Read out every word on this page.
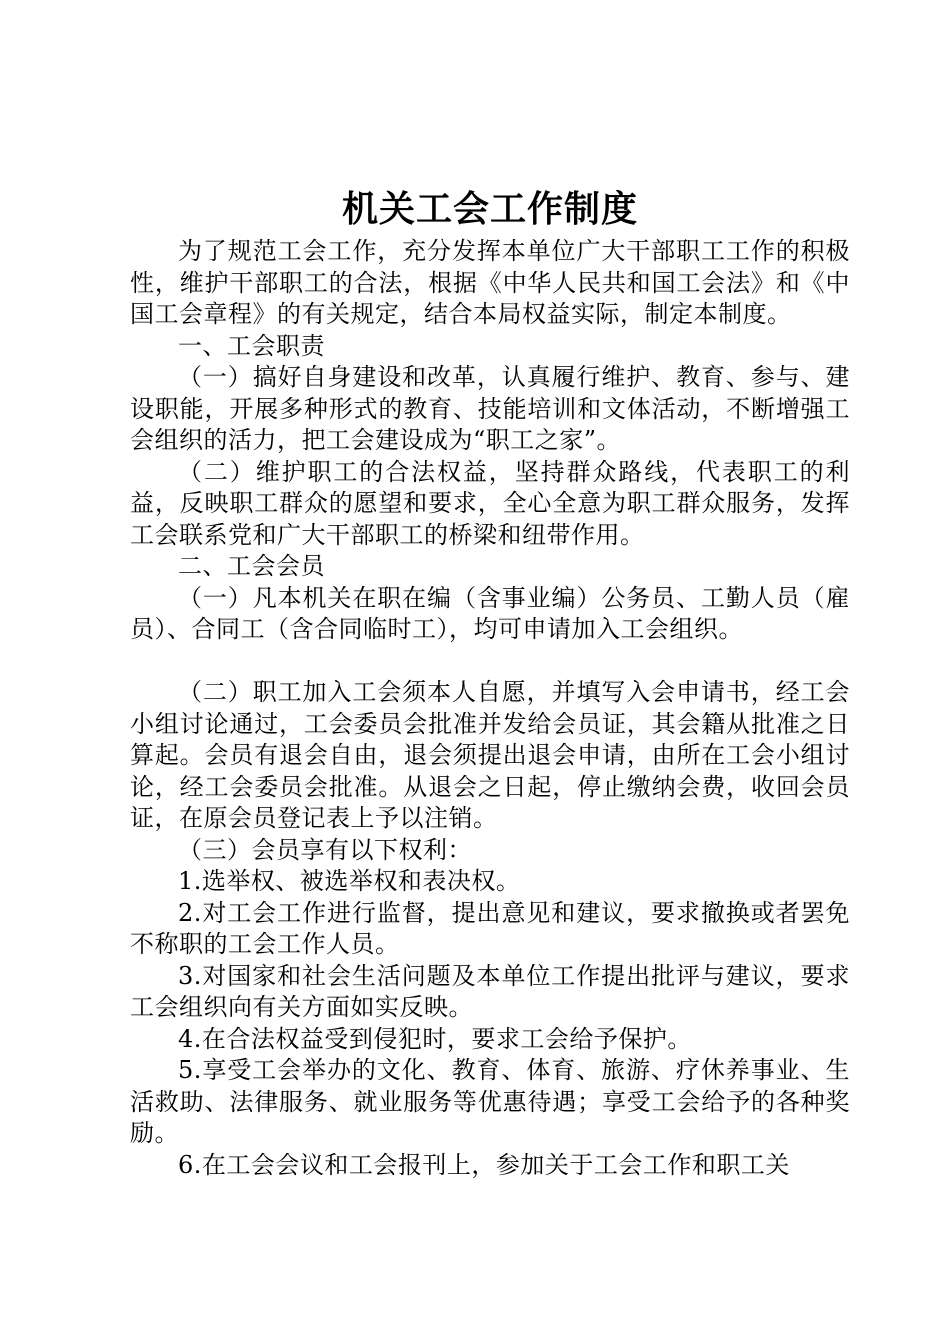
机关工会工作制度

为了规范工会工作，充分发挥本单位广大干部职工工作的积极性，维护干部职工的合法，根据《中华人民共和国工会法》和《中国工会章程》的有关规定，结合本局权益实际，制定本制度。

一、工会职责

（一）搞好自身建设和改革，认真履行维护、教育、参与、建设职能，开展多种形式的教育、技能培训和文体活动，不断增强工会组织的活力，把工会建设成为“职工之家”。

（二）维护职工的合法权益，坚持群众路线，代表职工的利益，反映职工群众的愿望和要求，全心全意为职工群众服务，发挥工会联系党和广大干部职工的桥梁和纽带作用。

二、工会会员

（一）凡本机关在职在编（含事业编）公务员、工勤人员（雇员）、合同工（含合同临时工），均可申请加入工会组织。

（二）职工加入工会须本人自愿，并填写入会申请书，经工会小组讨论通过，工会委员会批准并发给会员证，其会籍从批准之日算起。会员有退会自由，退会须提出退会申请，由所在工会小组讨论，经工会委员会批准。从退会之日起，停止缴纳会费，收回会员证，在原会员登记表上予以注销。

（三）会员享有以下权利：

1.选举权、被选举权和表决权。

2.对工会工作进行监督，提出意见和建议，要求撤换或者罢免不称职的工会工作人员。

3.对国家和社会生活问题及本单位工作提出批评与建议，要求工会组织向有关方面如实反映。

4.在合法权益受到侵犯时，要求工会给予保护。

5.享受工会举办的文化、教育、体育、旅游、疗休养事业、生活救助、法律服务、就业服务等优惠待遇；享受工会给予的各种奖励。

6.在工会会议和工会报刊上，参加关于工会工作和职工关
